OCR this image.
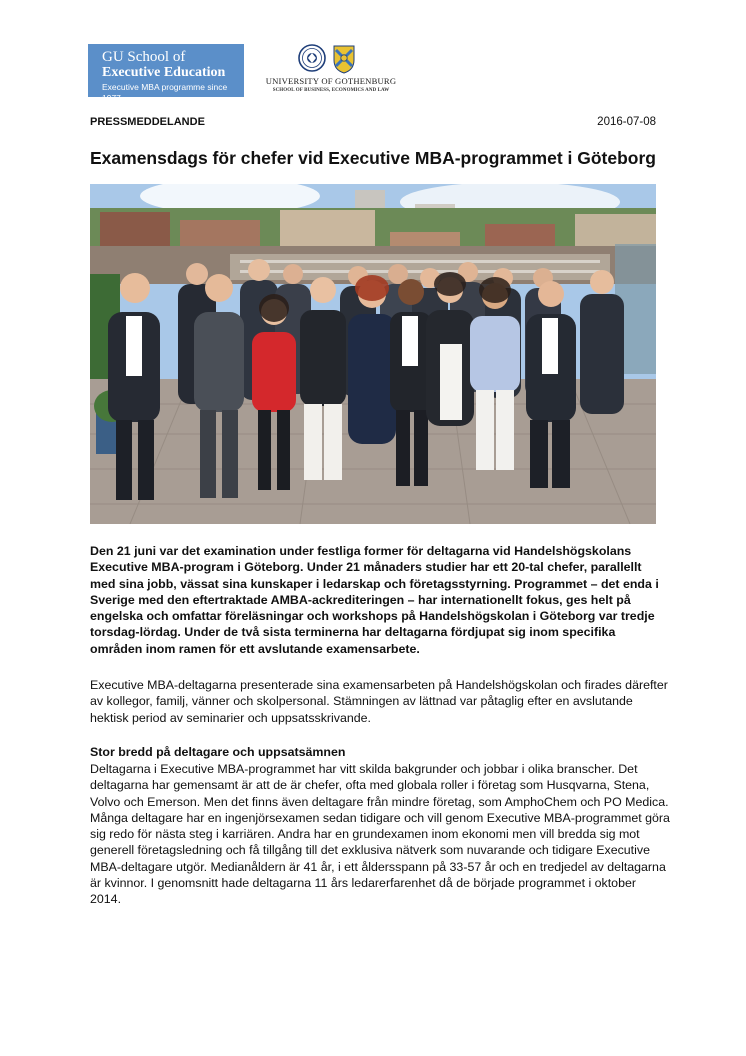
GU School of
Executive Education
Executive MBA programme since 1977
UNIVERSITY OF GOTHENBURG
SCHOOL OF BUSINESS, ECONOMICS AND LAW
PRESSMEDDELANDE	2016-07-08
Examensdags för chefer vid Executive MBA-programmet i Göteborg

Den 21 juni var det examination under festliga former för deltagarna vid Handelshögskolans Executive MBA-program i Göteborg. Under 21 månaders studier har ett 20-tal chefer, parallellt med sina jobb, vässat sina kunskaper i ledarskap och företagsstyrning. Programmet – det enda i Sverige med den eftertraktade AMBA-ackrediteringen – har internationellt fokus, ges helt på engelska och omfattar föreläsningar och workshops på Handelshögskolan i Göteborg var tredje torsdag-lördag. Under de två sista terminerna har deltagarna fördjupat sig inom specifika områden inom ramen för ett avslutande examensarbete.

Executive MBA-deltagarna presenterade sina examensarbeten på Handelshögskolan och firades därefter av kollegor, familj, vänner och skolpersonal. Stämningen av lättnad var påtaglig efter en avslutande hektisk period av seminarier och uppsatsskrivande.

Stor bredd på deltagare och uppsatsämnen

Deltagarna i Executive MBA-programmet har vitt skilda bakgrunder och jobbar i olika branscher. Det deltagarna har gemensamt är att de är chefer, ofta med globala roller i företag som Husqvarna, Stena, Volvo och Emerson. Men det finns även deltagare från mindre företag, som AmphoChem och PO Medica. Många deltagare har en ingenjörsexamen sedan tidigare och vill genom Executive MBA-programmet göra sig redo för nästa steg i karriären. Andra har en grundexamen inom ekonomi men vill bredda sig mot generell företagsledning och få tillgång till det exklusiva nätverk som nuvarande och tidigare Executive MBA-deltagare utgör. Medianåldern är 41 år, i ett åldersspann på 33-57 år och en tredjedel av deltagarna är kvinnor. I genomsnitt hade deltagarna 11 års ledarerfarenhet då de började programmet i oktober 2014.
